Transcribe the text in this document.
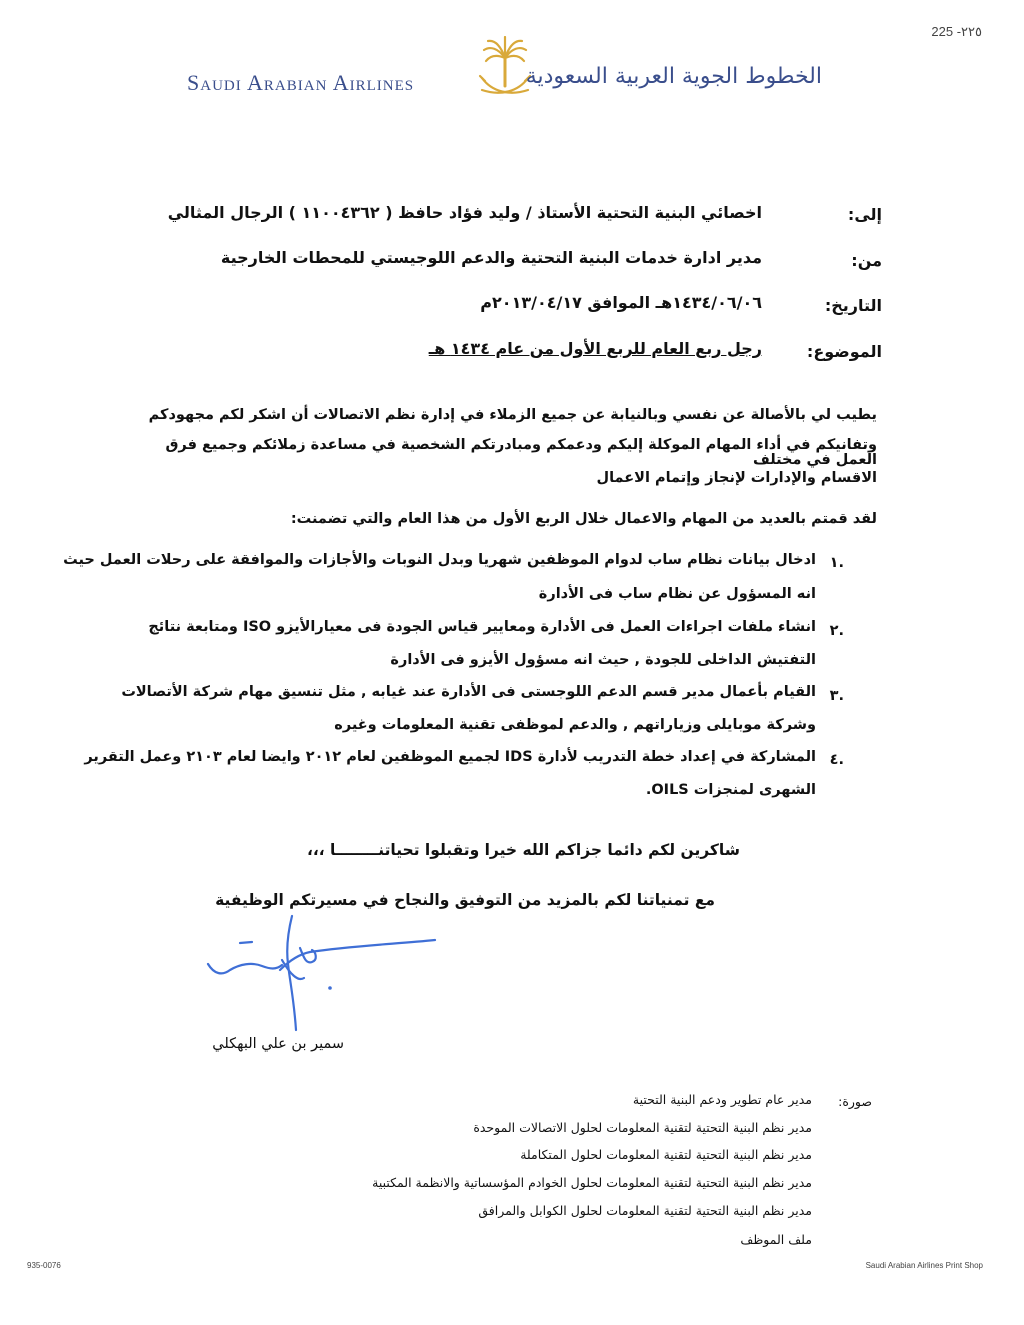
225 -٢٢٥
Saudi Arabian Airlines	الخطوط الجوية العربية السعودية
إلى:
اخصائي البنية التحتية الأستاذ / وليد فؤاد حافظ ( ١١٠٠٤٣٦٢ ) الرجال المثالي
من:
مدير ادارة خدمات البنية التحتية والدعم اللوجيستي للمحطات الخارجية
التاريخ:
١٤٣٤/٠٦/٠٦هـ الموافق ٢٠١٣/٠٤/١٧م
الموضوع:
رجل ربع العام للربع الأول من عام ١٤٣٤ هـ
يطيب لي بالأصالة عن نفسي وبالنيابة عن جميع الزملاء في إدارة نظم الاتصالات أن اشكر لكم مجهودكم
وتفانيكم في أداء المهام الموكلة إليكم ودعمكم ومبادرتكم الشخصية في مساعدة زملائكم وجميع فرق العمل في مختلف
الاقسام والإدارات لإنجاز وإتمام الاعمال
لقد قمتم بالعديد من المهام والاعمال خلال الربع الأول من هذا العام والتي تضمنت:
.١
ادخال بيانات نظام ساب لدوام الموظفين شهريا وبدل النوبات والأجازات والموافقة على رحلات العمل حيث
انه المسؤول عن نظام ساب فى الأدارة
.٢
انشاء ملفات اجراءات العمل فى الأدارة ومعايير قياس الجودة فى معيارالأيزو ISO ومتابعة نتائج
التفتيش الداخلى للجودة , حيث انه مسؤول الأيزو فى الأدارة
.٣
القيام بأعمال مدير قسم الدعم اللوجستى فى الأدارة عند غيابه , مثل تنسيق مهام شركة الأتصالات
وشركة موبايلى وزياراتهم , والدعم لموظفى تقنية المعلومات وغيره
.٤
المشاركة في إعداد خطة التدريب لأدارة IDS لجميع الموظفين لعام ٢٠١٢ وايضا لعام ٢١٠٣ وعمل التقرير
الشهرى لمنجزات OILS.
شاكرين لكم دائما جزاكم الله خيرا وتقبلوا تحياتنــــــــا ،،،
مع تمنياتنا لكم بالمزيد من التوفيق والنجاح في مسيرتكم الوظيفية
سمير بن علي البهكلي
صورة:
مدير عام تطوير ودعم البنية التحتية
مدير نظم البنية التحتية لتقنية المعلومات لحلول الاتصالات الموحدة
مدير نظم البنية التحتية لتقنية المعلومات لحلول المتكاملة
مدير نظم البنية التحتية لتقنية المعلومات لحلول الخوادم المؤسساتية والانظمة المكتبية
مدير نظم البنية التحتية لتقنية المعلومات لحلول الكوابل والمرافق
ملف الموظف
935-0076	Saudi Arabian Airlines Print Shop
